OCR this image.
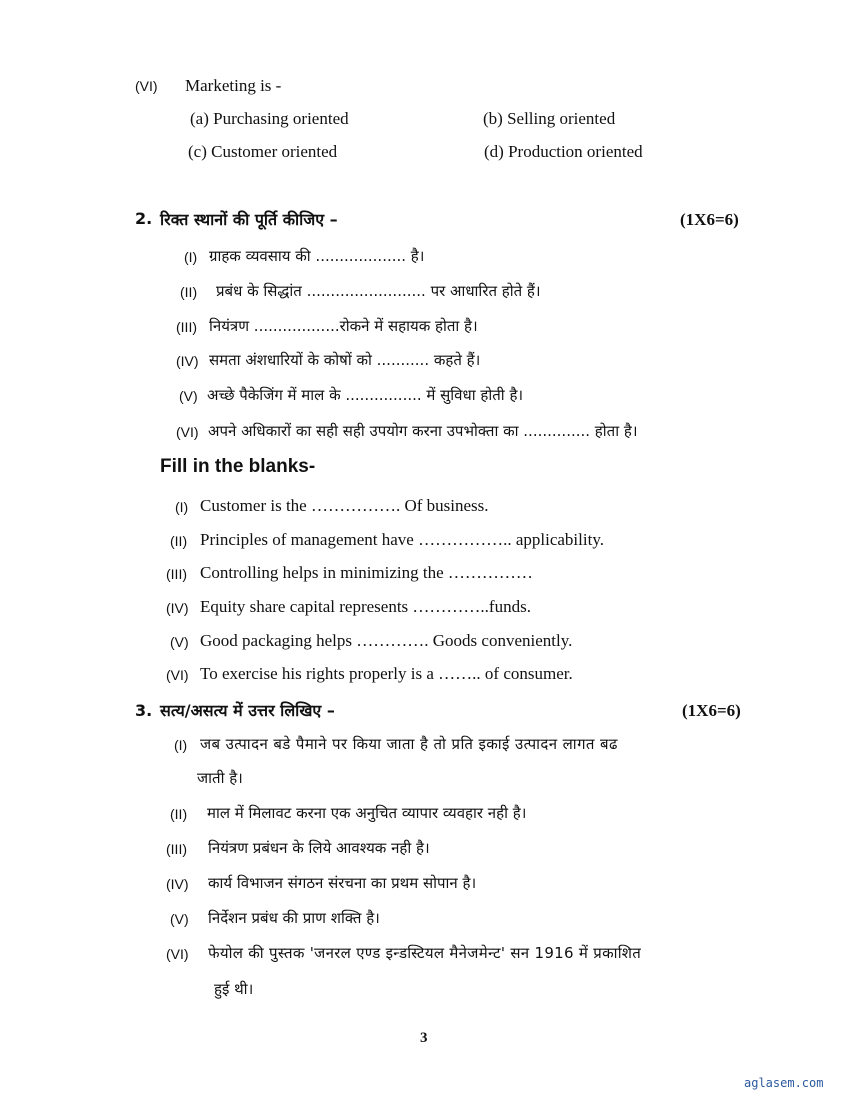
(VI) Marketing is -
(a) Purchasing oriented	(b) Selling oriented
(c) Customer oriented	(d) Production oriented
2. रिक्त स्थानों की पूर्ति कीजिए –	(1X6=6)
(I) ग्राहक व्यवसाय की ................... है।
(II) प्रबंध के सिद्धांत ......................... पर आधारित होते हैं।
(III) नियंत्रण ..................रोकने में सहायक होता है।
(IV) समता अंशधारियों के कोषों को ........... कहते हैं।
(V) अच्छे पैकेजिंग में माल के ................ में सुविधा होती है।
(VI) अपने अधिकारों का सही सही उपयोग करना उपभोक्ता का .............. होता है।
Fill in the blanks-
(I) Customer is the ……………. Of business.
(II) Principles of management have …………….. applicability.
(III) Controlling helps in minimizing the ……………
(IV) Equity share capital represents …………..funds.
(V) Good packaging helps …………. Goods conveniently.
(VI) To exercise his rights properly is a …….. of consumer.
3. सत्य/असत्य में उत्तर लिखिए –	(1X6=6)
(I) जब उत्पादन बडे पैमाने पर किया जाता है तो प्रति इकाई उत्पादन लागत बढ
जाती है।
(II) माल में मिलावट करना एक अनुचित व्यापार व्यवहार नही है।
(III) नियंत्रण प्रबंधन के लिये आवश्यक नही है।
(IV) कार्य विभाजन संगठन संरचना का प्रथम सोपान है।
(V) निर्देशन प्रबंध की प्राण शक्ति है।
(VI) फेयोल की पुस्तक 'जनरल एण्ड इन्डस्टियल मैनेजमेन्ट' सन 1916 में प्रकाशित
हुई थी।
3
aglasem.com
